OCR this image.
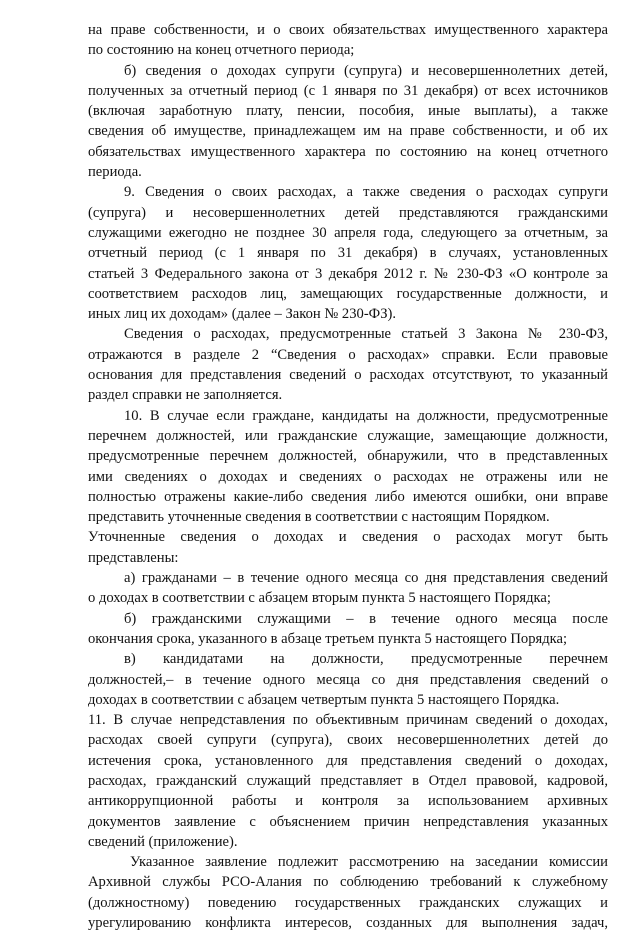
на праве собственности, и о своих обязательствах имущественного характера
по состоянию на конец отчетного периода;
б) сведения о доходах супруги (супруга) и несовершеннолетних детей,
полученных за отчетный период (с 1 января по 31 декабря) от всех источников
(включая заработную плату, пенсии, пособия, иные выплаты), а также
сведения об имуществе, принадлежащем им на праве собственности, и об их
обязательствах имущественного характера по состоянию на конец отчетного
периода.
9. Сведения о своих расходах, а также сведения о расходах супруги
(супруга) и несовершеннолетних детей представляются гражданскими
служащими ежегодно не позднее 30 апреля года, следующего за отчетным, за
отчетный период (с 1 января по 31 декабря) в случаях, установленных
статьей 3 Федерального закона от 3 декабря 2012 г. № 230-ФЗ «О контроле за
соответствием расходов лиц, замещающих государственные должности, и
иных лиц их доходам» (далее – Закон № 230-ФЗ).
Сведения о расходах, предусмотренные статьей 3 Закона № 230-ФЗ,
отражаются в разделе 2 “Сведения о расходах» справки. Если правовые
основания для представления сведений о расходах отсутствуют, то указанный
раздел справки не заполняется.
10. В случае если граждане, кандидаты на должности, предусмотренные
перечнем должностей, или гражданские служащие, замещающие должности,
предусмотренные перечнем должностей, обнаружили, что в представленных
ими сведениях о доходах и сведениях о расходах не отражены или не
полностью отражены какие-либо сведения либо имеются ошибки, они вправе
представить уточненные сведения в соответствии с настоящим Порядком.
Уточненные сведения о доходах и сведения о расходах могут быть
представлены:
а) гражданами – в течение одного месяца со дня представления сведений
о доходах в соответствии с абзацем вторым пункта 5 настоящего Порядка;
б) гражданскими служащими – в течение одного месяца после
окончания срока, указанного в абзаце третьем пункта 5 настоящего Порядка;
в) кандидатами на должности, предусмотренные перечнем
должностей,– в течение одного месяца со дня представления сведений о
доходах в соответствии с абзацем четвертым пункта 5 настоящего Порядка.
11. В случае непредставления по объективным причинам сведений о доходах,
расходах своей супруги (супруга), своих несовершеннолетних детей до
истечения срока, установленного для представления сведений о доходах,
расходах, гражданский служащий представляет в Отдел правовой, кадровой,
антикоррупционной работы и контроля за использованием архивных
документов заявление с объяснением причин непредставления указанных
сведений (приложение).
Указанное заявление подлежит рассмотрению на заседании комиссии
Архивной службы РСО-Алания по соблюдению требований к служебному
(должностному) поведению государственных гражданских служащих и
урегулированию конфликта интересов, созданных для выполнения задач,
